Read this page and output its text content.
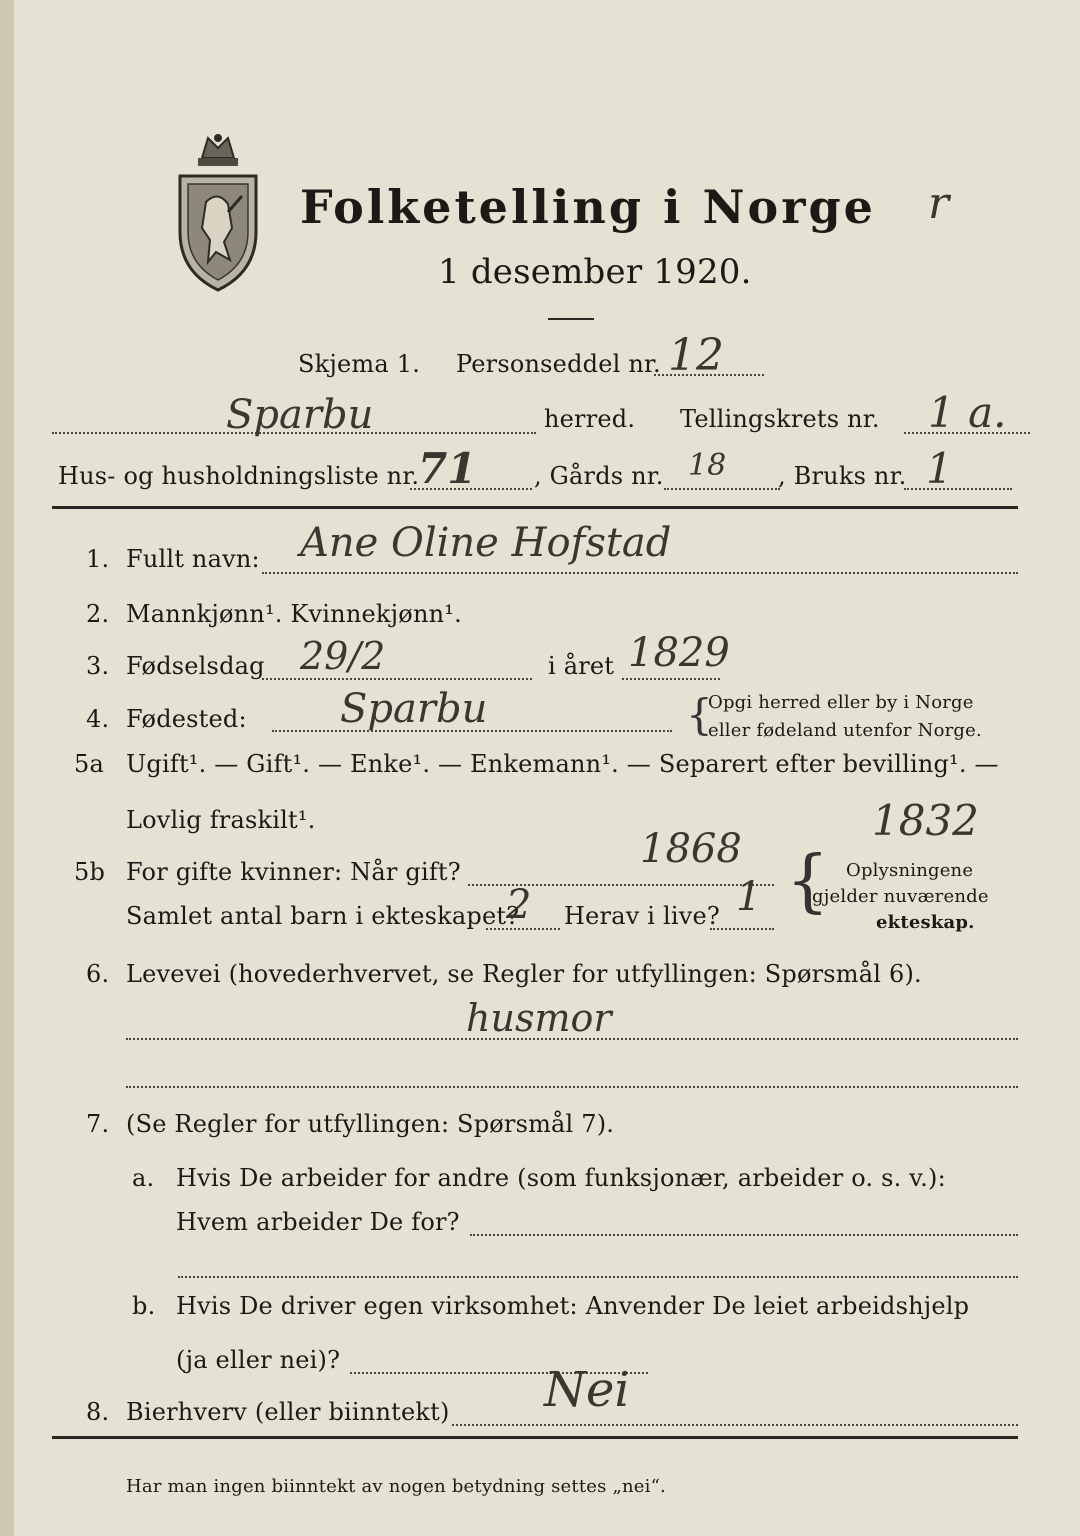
Folketelling i Norge r
1 desember 1920.
Skjema 1. Personseddel nr. 12
Sparbu	herred. Tellingskrets nr. 1 a.
Hus- og husholdningsliste nr.
71 , Gårds nr. 18 , Bruks nr. 1
1. Fullt navn: Ane Oline Hofstad
2. Mannkjønn¹. Kvinnekjønn¹.
3. Fødselsdag 29/2	i året 1829
4. Fødested: Sparbu	{
Opgi herred eller by i Norge
eller fødeland utenfor Norge.
5a Ugift¹. — Gift¹. — Enke¹. — Enkemann¹. — Separert efter bevilling¹. —
Lovlig fraskilt¹.	1832
5b For gifte kvinner: Når gift?	1868
Samlet antal barn i ekteskapet?
2 Herav i live? 1 { Oplysningene
gjelder nuværende
ekteskap.
6. Levevei (hovederhvervet, se Regler for utfyllingen: Spørsmål 6).
husmor
7. (Se Regler for utfyllingen: Spørsmål 7).
a. Hvis De arbeider for andre (som funksjonær, arbeider o. s. v.):
Hvem arbeider De for?
b. Hvis De driver egen virksomhet: Anvender De leiet arbeidshjelp
(ja eller nei)?
8. Bierhverv (eller biinntekt) Nei
Har man ingen biinntekt av nogen betydning settes „nei“.
